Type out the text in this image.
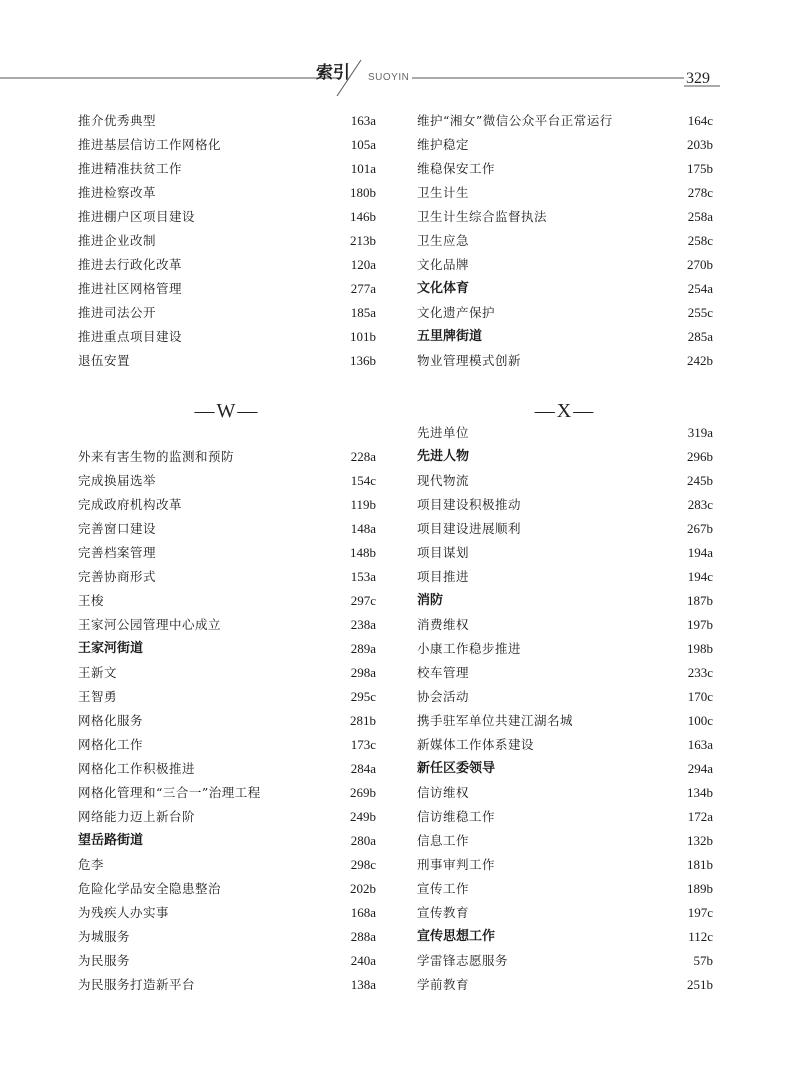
索引 SUOYIN	329
推介优秀典型	163a
推进基层信访工作网格化	105a
推进精准扶贫工作	101a
推进检察改革	180b
推进棚户区项目建设	146b
推进企业改制	213b
推进去行政化改革	120a
推进社区网格管理	277a
推进司法公开	185a
推进重点项目建设	101b
退伍安置	136b
—W—
外来有害生物的监测和预防	228a
完成换届选举	154c
完成政府机构改革	119b
完善窗口建设	148a
完善档案管理	148b
完善协商形式	153a
王梭	297c
王家河公园管理中心成立	238a
王家河街道	289a
王新文	298a
王智勇	295c
网格化服务	281b
网格化工作	173c
网格化工作积极推进	284a
网格化管理和“三合一”治理工程	269b
网络能力迈上新台阶	249b
望岳路街道	280a
危李	298c
危险化学品安全隐患整治	202b
为残疾人办实事	168a
为城服务	288a
为民服务	240a
为民服务打造新平台	138a
维护“湘女”微信公众平台正常运行	164c
维护稳定	203b
维稳保安工作	175b
卫生计生	278c
卫生计生综合监督执法	258a
卫生应急	258c
文化品牌	270b
文化体育	254a
文化遗产保护	255c
五里牌街道	285a
物业管理模式创新	242b
—X—
先进单位	319a
先进人物	296b
现代物流	245b
项目建设积极推动	283c
项目建设进展顺利	267b
项目谋划	194a
项目推进	194c
消防	187b
消费维权	197b
小康工作稳步推进	198b
校车管理	233c
协会活动	170c
携手驻军单位共建江湖名城	100c
新媒体工作体系建设	163a
新任区委领导	294a
信访维权	134b
信访维稳工作	172a
信息工作	132b
刑事审判工作	181b
宣传工作	189b
宣传教育	197c
宣传思想工作	112c
学雷锋志愿服务	57b
学前教育	251b
